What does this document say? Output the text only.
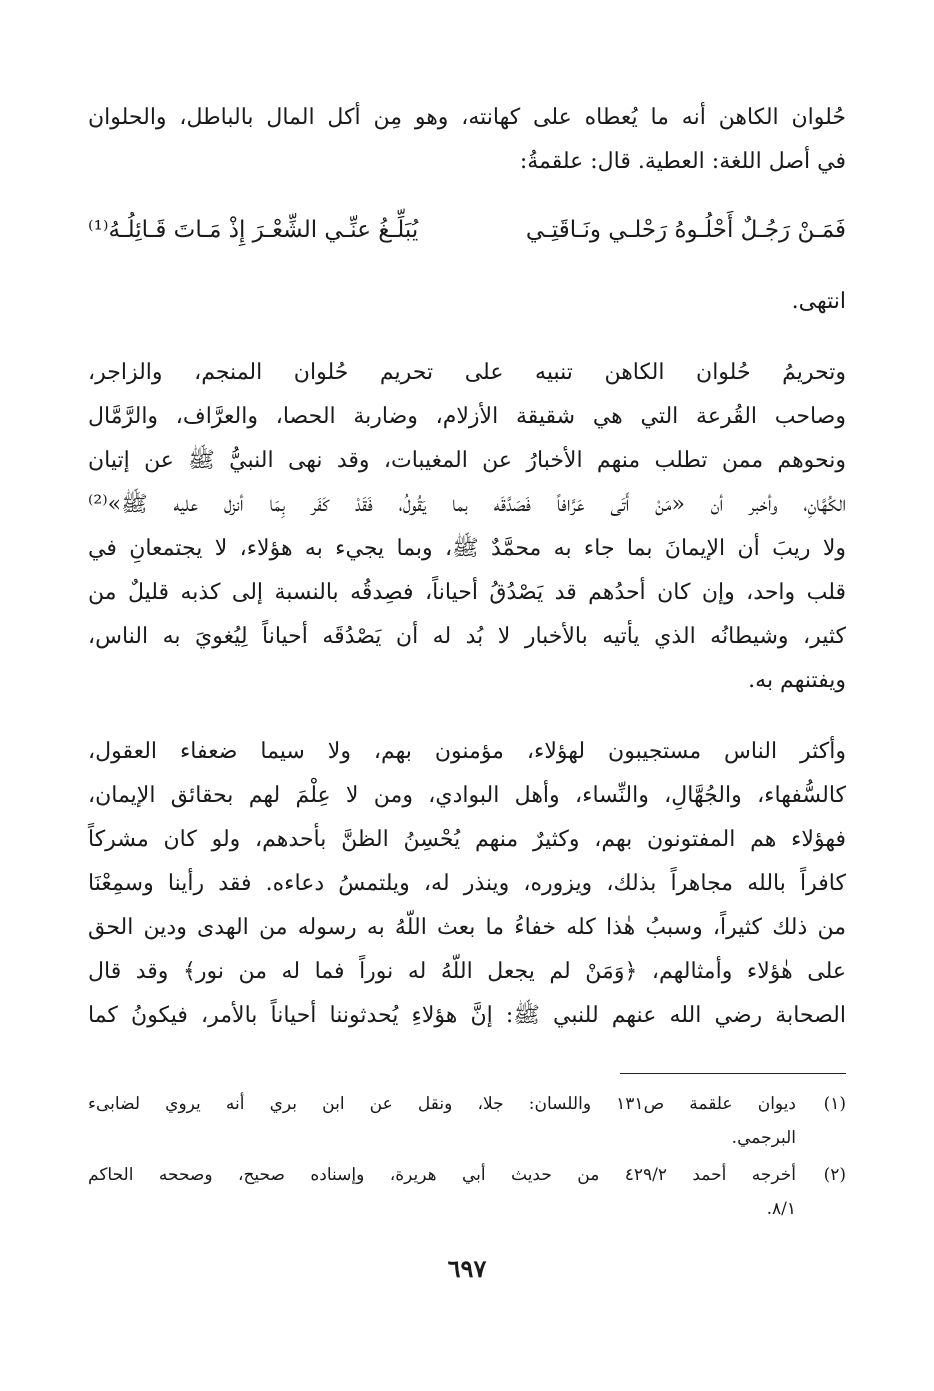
حُلوان الكاهن أنه ما يُعطاه على كهانته، وهو مِن أكل المال بالباطل، والحلوان
في أصل اللغة: العطية. قال: علقمةُ:
فَمَـنْ رَجُـلٌ أَحْلُـوهُ رَحْلـي ونَـاقَتِـي
يُبَلِّـغُ عنِّـي الشِّعْـرَ إِذْ مَـاتَ قَـائِلُـهُ⁽¹⁾
انتهى.
وتحريمُ حُلوان الكاهن تنبيه على تحريم حُلوان المنجم، والزاجر،
وصاحب القُرعة التي هي شقيقة الأزلام، وضاربة الحصا، والعرَّاف، والرَّمَّال
ونحوهم ممن تطلب منهم الأخبارُ عن المغيبات، وقد نهى النبيُّ ﷺ عن إتيان
الكُهَّانِ، وأخبر أن «مَنْ أَتَى عَرَّافاً فَصَدَّقَه بما يَقُولُ، فَقَدْ كَفَر بِمَا أنزل عليه ﷺ»⁽²⁾
ولا ريبَ أن الإيمانَ بما جاء به محمَّدٌ ﷺ، وبما يجيء به هؤلاء، لا يجتمعانِ في
قلب واحد، وإن كان أحدُهم قد يَصْدُقُ أحياناً، فصِدقُه بالنسبة إلى كذبه قليلٌ من
كثير، وشيطانُه الذي يأتيه بالأخبار لا بُد له أن يَصْدُقَه أحياناً لِيُغويَ به الناس،
ويفتنهم به.
وأكثر الناس مستجيبون لهؤلاء، مؤمنون بهم، ولا سيما ضعفاء العقول،
كالسُّفهاء، والجُهَّالِ، والنِّساء، وأهل البوادي، ومن لا عِلْمَ لهم بحقائق الإيمان،
فهؤلاء هم المفتونون بهم، وكثيرٌ منهم يُحْسِنُ الظنَّ بأحدهم، ولو كان مشركاً
كافراً بالله مجاهراً بذلك، ويزوره، وينذر له، ويلتمسُ دعاءه. فقد رأينا وسمِعْنَا
من ذلك كثيراً، وسببُ هٰذا كله خفاءُ ما بعث اللّهُ به رسوله من الهدى ودين الحق
على هٰؤلاء وأمثالهم، ﴿وَمَنْ لم يجعل اللّهُ له نوراً فما له من نور﴾ وقد قال
الصحابة رضي الله عنهم للنبي ﷺ: إنَّ هؤلاءِ يُحدثوننا أحياناً بالأمر، فيكونُ كما
(١)
ديوان علقمة ص١٣١ واللسان: جلا، ونقل عن ابن بري أنه يروي لضابىء
البرجمي.
(٢)
أخرجه أحمد ٤٢٩/٢ من حديث أبي هريرة، وإسناده صحيح، وصححه الحاكم
٨/١.
٦٩٧
